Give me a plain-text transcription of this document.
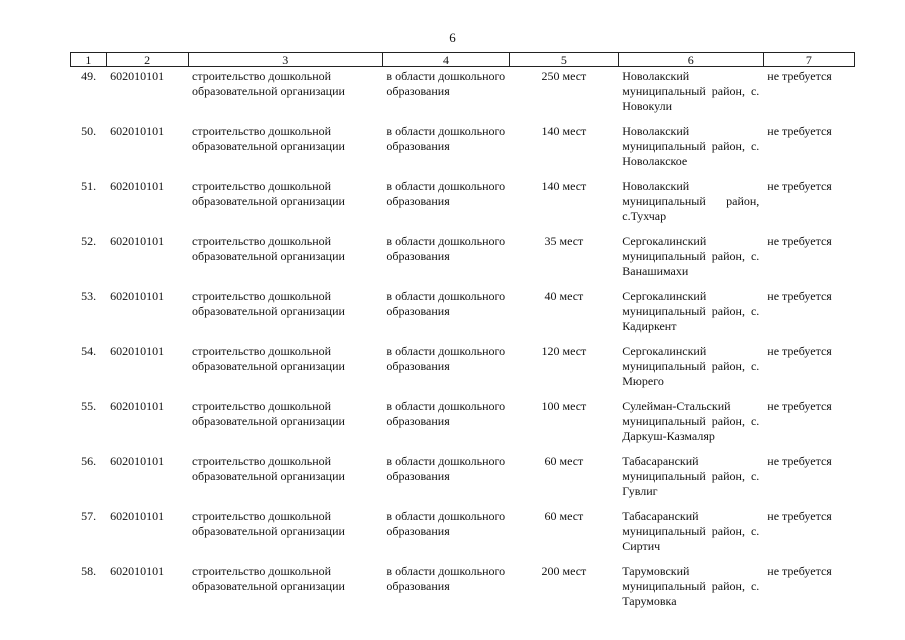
6
1	2	3	4	5	6	7
49.	602010101	строительство дошкольной образовательной организации	в области дошкольного образования	250 мест	Новолакский муниципальный район, с. Новокули	не требуется
50.	602010101	строительство дошкольной образовательной организации	в области дошкольного образования	140 мест	Новолакский муниципальный район, с. Новолакское	не требуется
51.	602010101	строительство дошкольной образовательной организации	в области дошкольного образования	140 мест	Новолакский муниципальный район, с.Тухчар	не требуется
52.	602010101	строительство дошкольной образовательной организации	в области дошкольного образования	35 мест	Сергокалинский муниципальный район, с. Ванашимахи	не требуется
53.	602010101	строительство дошкольной образовательной организации	в области дошкольного образования	40 мест	Сергокалинский муниципальный район, с. Кадиркент	не требуется
54.	602010101	строительство дошкольной образовательной организации	в области дошкольного образования	120 мест	Сергокалинский муниципальный район, с. Мюрего	не требуется
55.	602010101	строительство дошкольной образовательной организации	в области дошкольного образования	100 мест	Сулейман-Стальский муниципальный район, с. Даркуш-Казмаляр	не требуется
56.	602010101	строительство дошкольной образовательной организации	в области дошкольного образования	60 мест	Табасаранский муниципальный район, с. Гувлиг	не требуется
57.	602010101	строительство дошкольной образовательной организации	в области дошкольного образования	60 мест	Табасаранский муниципальный район, с. Сиртич	не требуется
58.	602010101	строительство дошкольной образовательной организации	в области дошкольного образования	200 мест	Тарумовский муниципальный район, с. Тарумовка	не требуется
